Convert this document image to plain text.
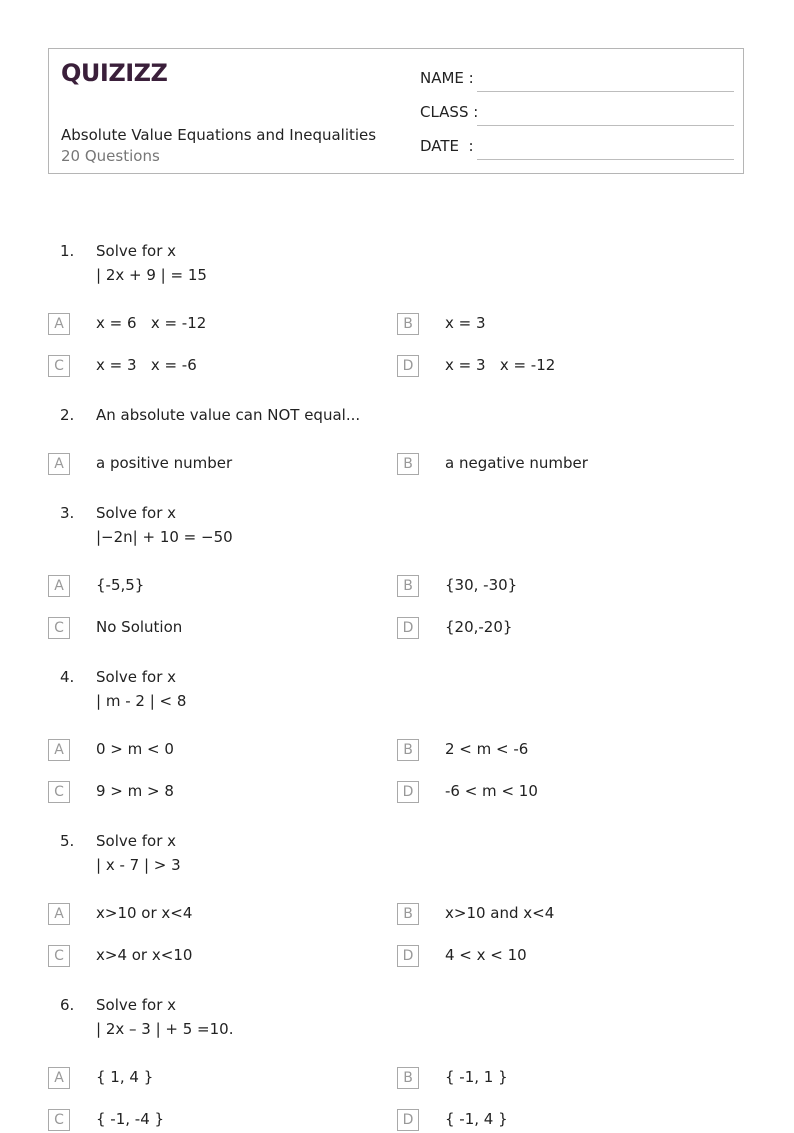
QUIZIZZ
Absolute Value Equations and Inequalities
20 Questions
NAME :
CLASS :
DATE  :
1. Solve for x
| 2x + 9 | = 15
A	x = 6   x = -12	B	x = 3
C	x = 3   x = -6	D	x = 3   x = -12
2. An absolute value can NOT equal...
A	a positive number	B	a negative number
3. Solve for x
|−2n| + 10 = −50
A	{-5,5}	B	{30, -30}
C	No Solution	D	{20,-20}
4. Solve for x
| m - 2 | < 8
A	0 > m < 0	B	2 < m < -6
C	9 > m > 8	D	-6 < m < 10
5. Solve for x
| x - 7 | > 3
A	x>10 or x<4	B	x>10 and x<4
C	x>4 or x<10	D	4 < x < 10
6. Solve for x
| 2x – 3 | + 5 =10.
A	{ 1, 4 }	B	{ -1, 1 }
C	{ -1, -4 }	D	{ -1, 4 }
